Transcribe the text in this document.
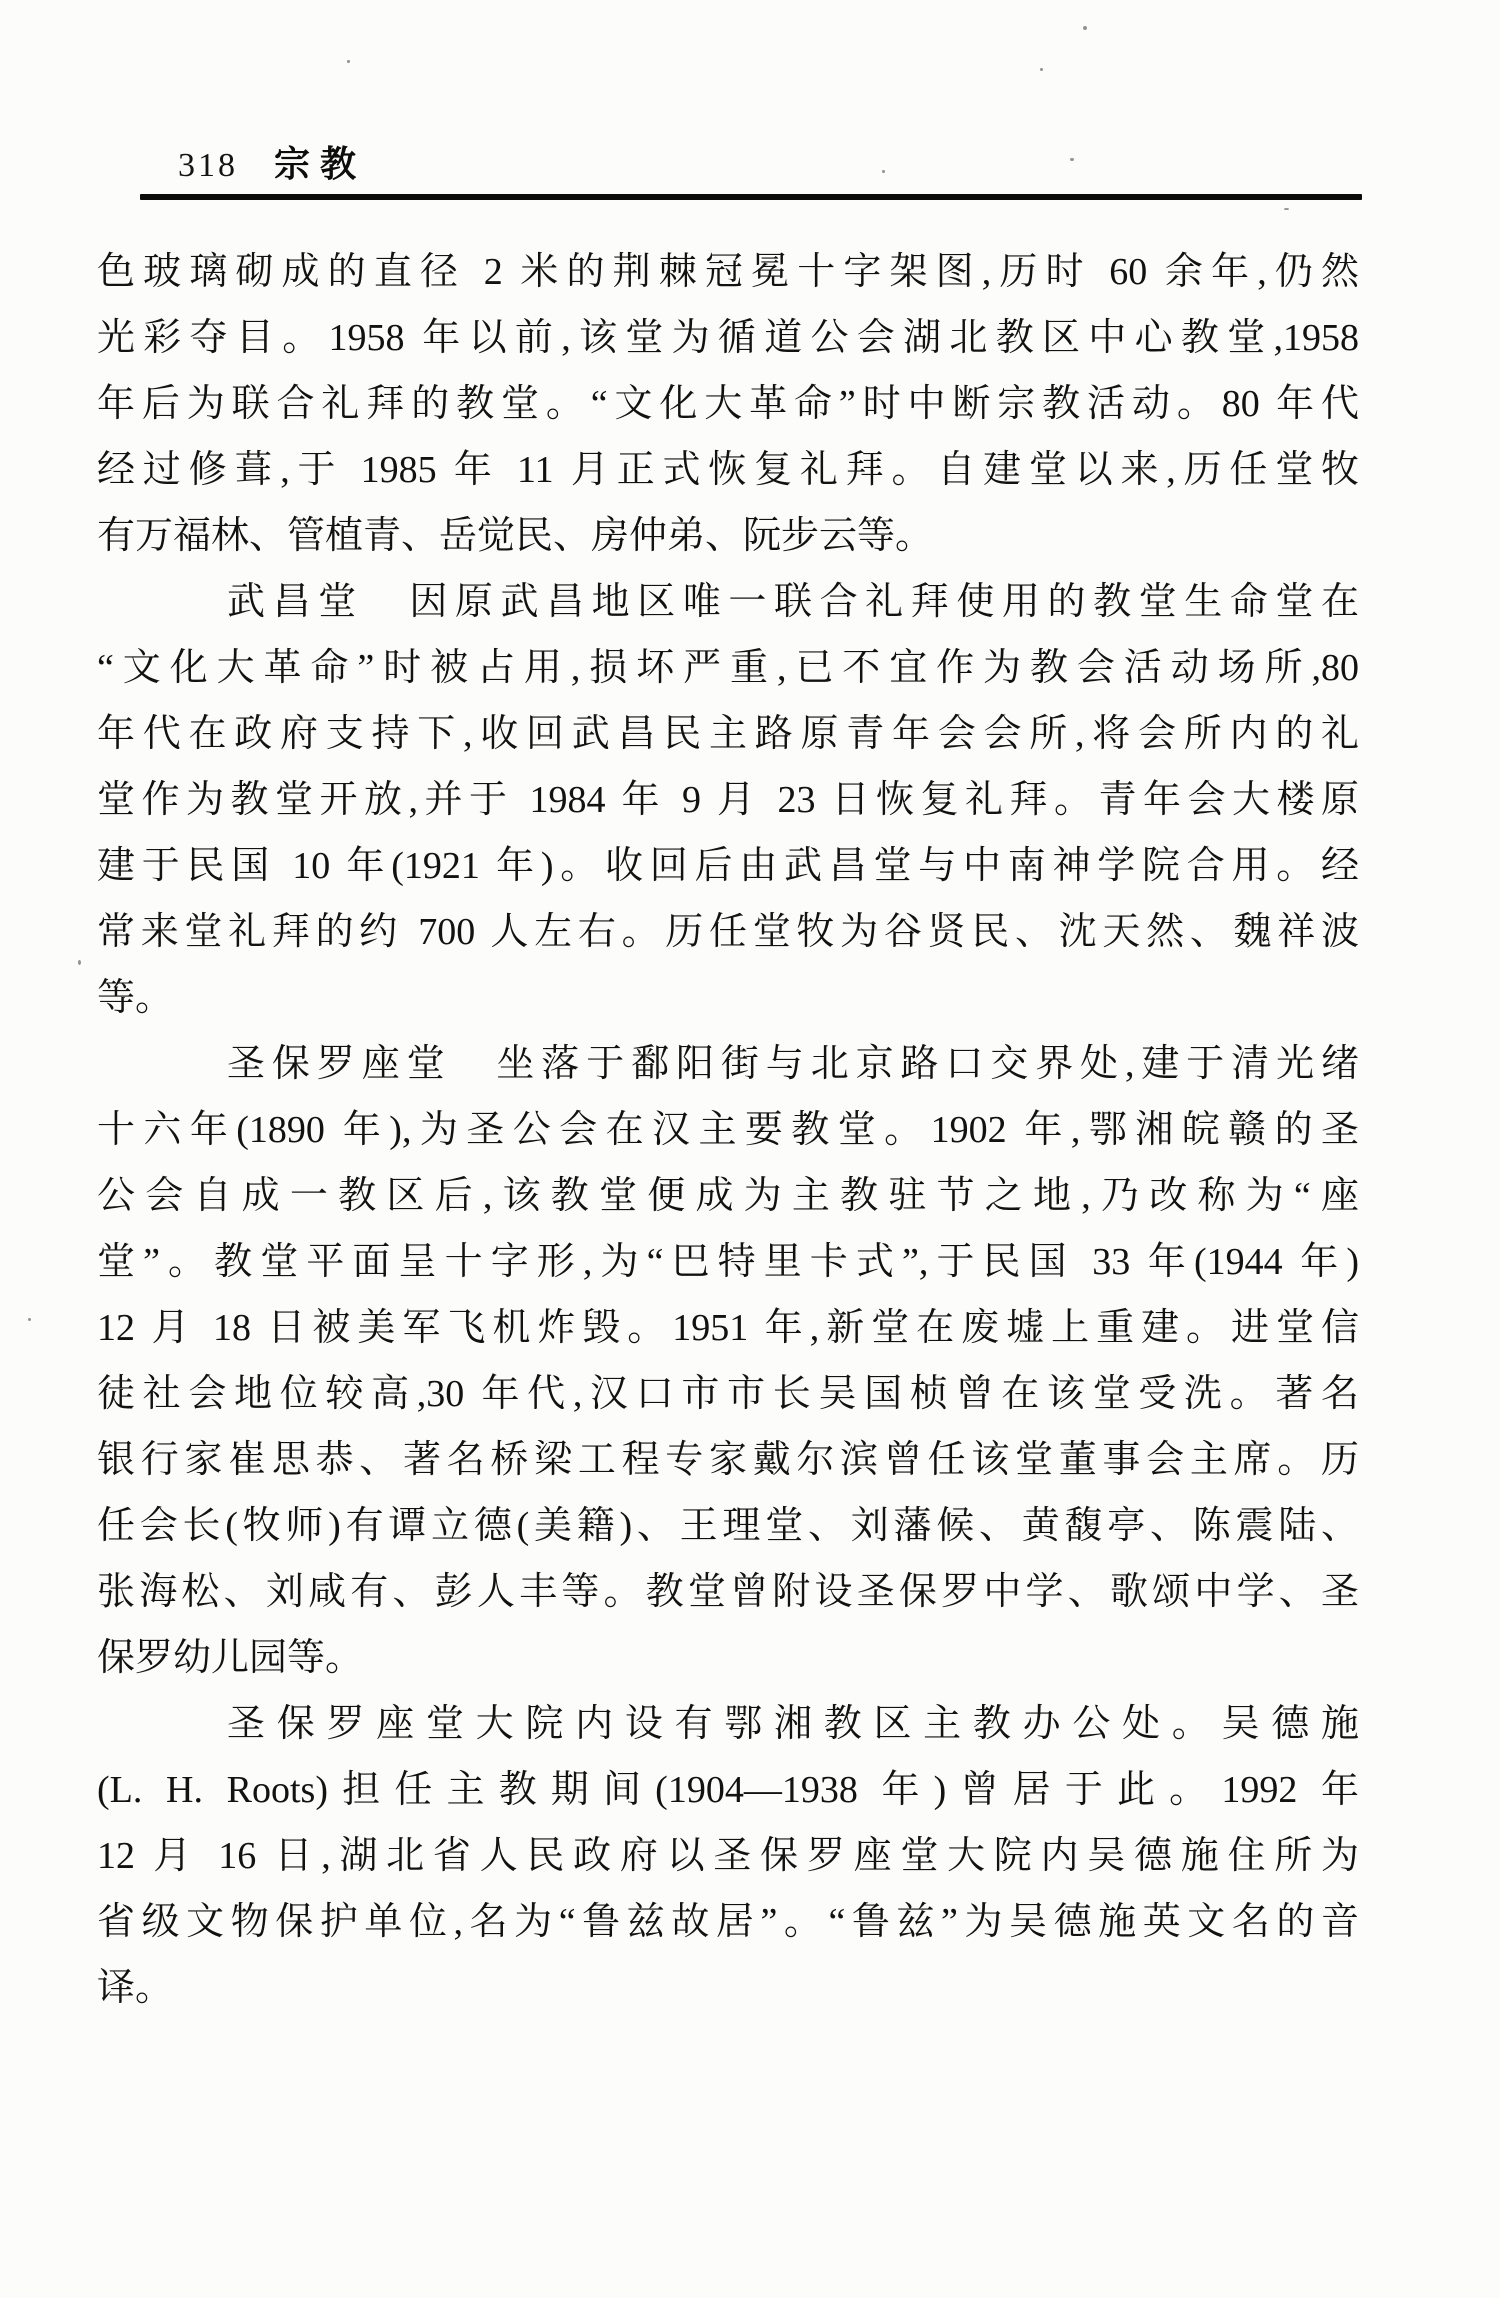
318 宗教
色玻璃砌成的直径 2 米的荆棘冠冕十字架图,历时 60 余年,仍然
光彩夺目。1958 年以前,该堂为循道公会湖北教区中心教堂,1958
年后为联合礼拜的教堂。“文化大革命”时中断宗教活动。80 年代
经过修葺,于 1985 年 11 月正式恢复礼拜。自建堂以来,历任堂牧
有万福林、管植青、岳觉民、房仲弟、阮步云等。
武昌堂　因原武昌地区唯一联合礼拜使用的教堂生命堂在
“文化大革命”时被占用,损坏严重,已不宜作为教会活动场所,80
年代在政府支持下,收回武昌民主路原青年会会所,将会所内的礼
堂作为教堂开放,并于 1984 年 9 月 23 日恢复礼拜。青年会大楼原
建于民国 10 年(1921 年)。收回后由武昌堂与中南神学院合用。经
常来堂礼拜的约 700 人左右。历任堂牧为谷贤民、沈天然、魏祥波
等。
圣保罗座堂　坐落于鄱阳街与北京路口交界处,建于清光绪
十六年(1890 年),为圣公会在汉主要教堂。1902 年,鄂湘皖赣的圣
公会自成一教区后,该教堂便成为主教驻节之地,乃改称为“座
堂”。教堂平面呈十字形,为“巴特里卡式”,于民国 33 年(1944 年)
12 月 18 日被美军飞机炸毁。1951 年,新堂在废墟上重建。进堂信
徒社会地位较高,30 年代,汉口市市长吴国桢曾在该堂受洗。著名
银行家崔思恭、著名桥梁工程专家戴尔滨曾任该堂董事会主席。历
任会长(牧师)有谭立德(美籍)、王理堂、刘藩候、黄馥亭、陈震陆、
张海松、刘咸有、彭人丰等。教堂曾附设圣保罗中学、歌颂中学、圣
保罗幼儿园等。
圣保罗座堂大院内设有鄂湘教区主教办公处。吴德施
(L. H. Roots)担任主教期间(1904—1938 年)曾居于此。1992 年
12 月 16 日,湖北省人民政府以圣保罗座堂大院内吴德施住所为
省级文物保护单位,名为“鲁兹故居”。“鲁兹”为吴德施英文名的音
译。
